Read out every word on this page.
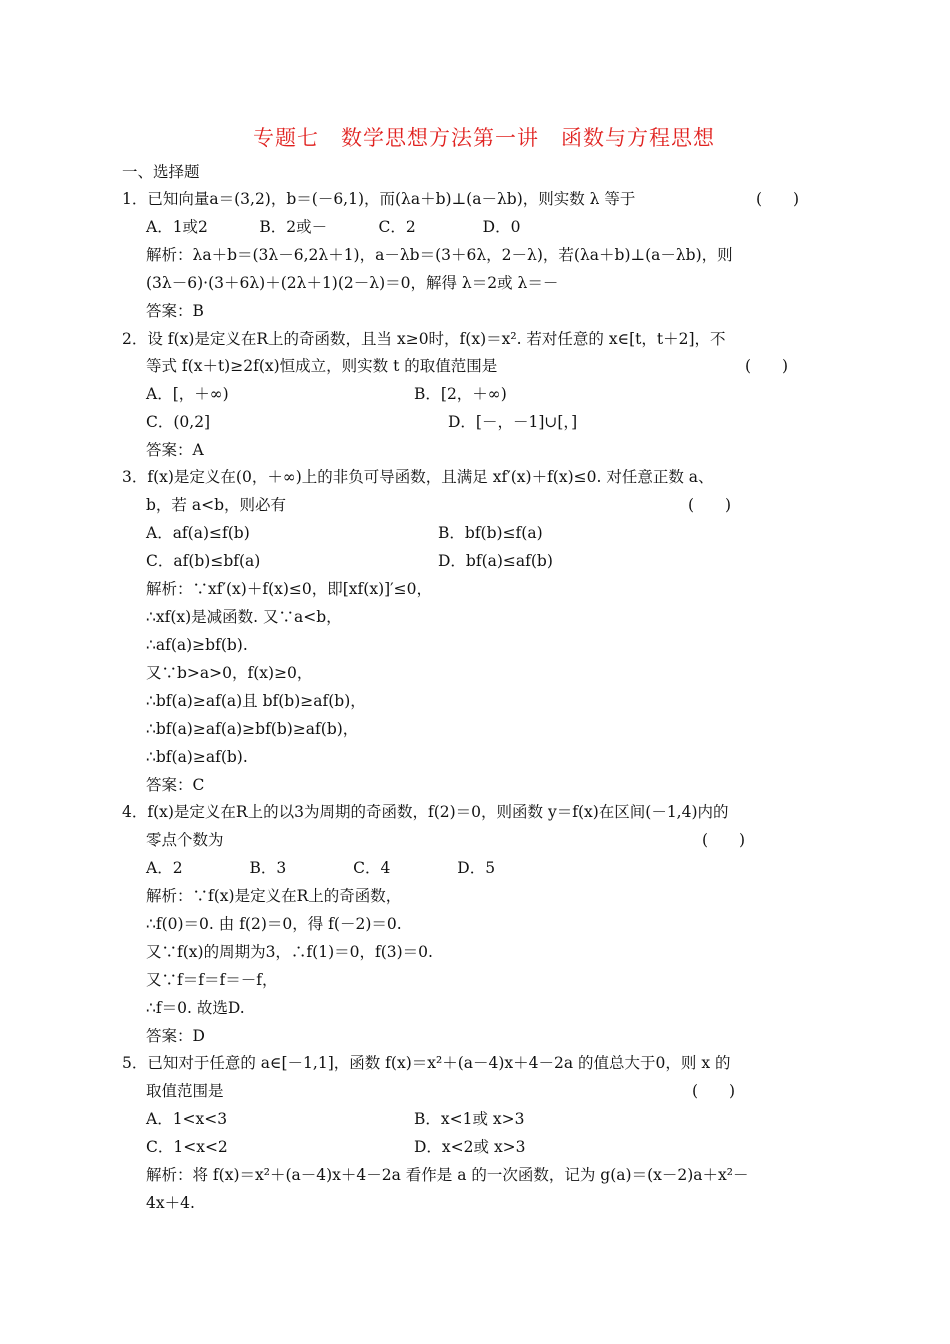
专题七　数学思想方法第一讲　函数与方程思想
一、选择题
1．已知向量a＝(3,2)，b＝(－6,1)，而(λa＋b)⊥(a－λb)，则实数 λ 等于	(　　)
A．1或2　　　 B．2或－　　　 C．2　　　　 D．0
解析：λa＋b＝(3λ－6,2λ＋1)，a－λb＝(3＋6λ，2－λ)，若(λa＋b)⊥(a－λb)，则
(3λ－6)·(3＋6λ)＋(2λ＋1)(2－λ)＝0，解得 λ＝2或 λ＝－
答案：B
2．设 f(x)是定义在R上的奇函数，且当 x≥0时，f(x)＝x². 若对任意的 x∈[t，t＋2]，不
等式 f(x＋t)≥2f(x)恒成立，则实数 t 的取值范围是	(　　)
A．[，＋∞)	B．[2，＋∞)
C．(0,2]	D．[－，－1]∪[，]
答案：A
3．f(x)是定义在(0，＋∞)上的非负可导函数，且满足 xf′(x)＋f(x)≤0. 对任意正数 a、
b，若 a<b，则必有	(　　)
A．af(a)≤f(b)	B．bf(b)≤f(a)
C．af(b)≤bf(a)	D．bf(a)≤af(b)
解析：∵xf′(x)＋f(x)≤0，即[xf(x)]′≤0，
∴xf(x)是减函数. 又∵a<b，
∴af(a)≥bf(b).
又∵b>a>0，f(x)≥0，
∴bf(a)≥af(a)且 bf(b)≥af(b)，
∴bf(a)≥af(a)≥bf(b)≥af(b)，
∴bf(a)≥af(b).
答案：C
4．f(x)是定义在R上的以3为周期的奇函数，f(2)＝0，则函数 y＝f(x)在区间(－1,4)内的
零点个数为	(　　)
A．2　　　　 B．3　　　　 C．4　　　　 D．5
解析：∵f(x)是定义在R上的奇函数，
∴f(0)＝0. 由 f(2)＝0，得 f(－2)＝0.
又∵f(x)的周期为3，∴f(1)＝0，f(3)＝0.
又∵f＝f＝f＝－f，
∴f＝0. 故选D.
答案：D
5．已知对于任意的 a∈[－1,1]，函数 f(x)＝x²＋(a－4)x＋4－2a 的值总大于0，则 x 的
取值范围是	(　　)
A．1<x<3	B．x<1或 x>3
C．1<x<2	D．x<2或 x>3
解析：将 f(x)＝x²＋(a－4)x＋4－2a 看作是 a 的一次函数，记为 g(a)＝(x－2)a＋x²－
4x＋4.
